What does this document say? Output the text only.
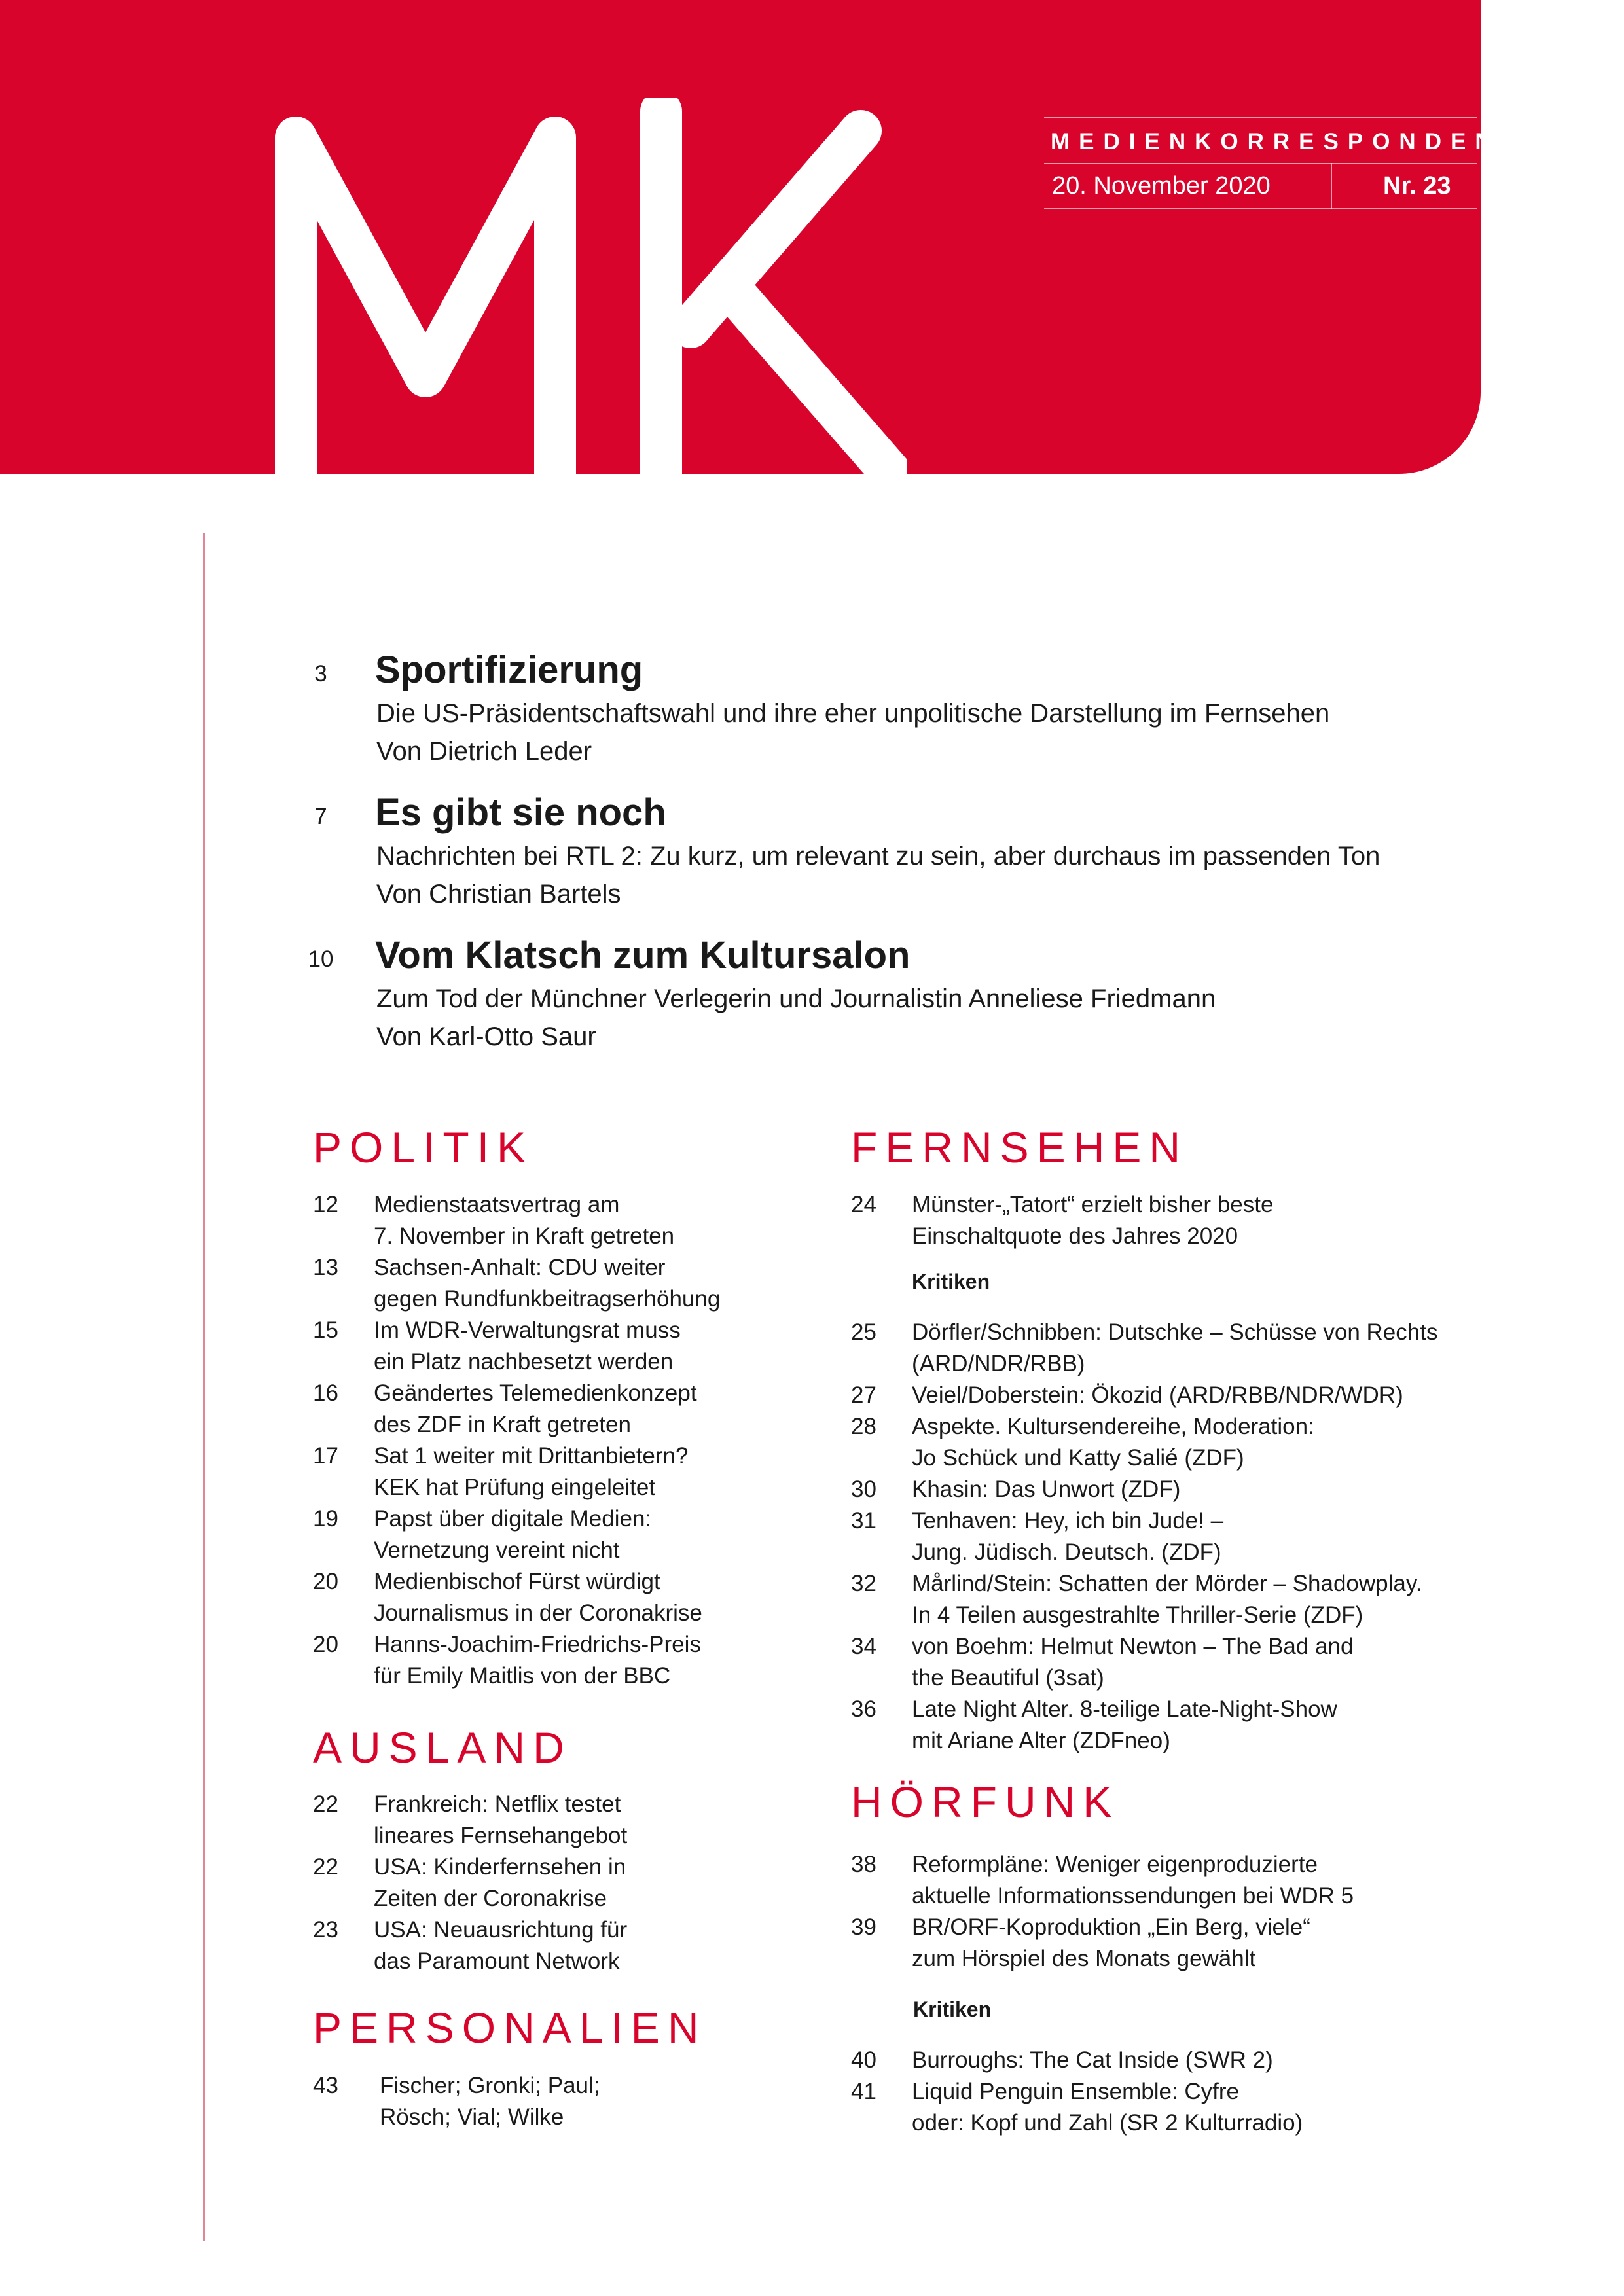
MEDIENKORRESPONDENZ
20. November 2020	Nr. 23
3 Sportifizierung
Die US-Präsidentschaftswahl und ihre eher unpolitische Darstellung im Fernsehen
Von Dietrich Leder
7 Es gibt sie noch
Nachrichten bei RTL 2: Zu kurz, um relevant zu sein, aber durchaus im passenden Ton
Von Christian Bartels
10 Vom Klatsch zum Kultursalon
Zum Tod der Münchner Verlegerin und Journalistin Anneliese Friedmann
Von Karl-Otto Saur
POLITIK
12 Medienstaatsvertrag am
7. November in Kraft getreten
13 Sachsen-Anhalt: CDU weiter
gegen Rundfunkbeitragserhöhung
15 Im WDR-Verwaltungsrat muss
ein Platz nachbesetzt werden
16 Geändertes Telemedienkonzept
des ZDF in Kraft getreten
17 Sat 1 weiter mit Drittanbietern?
KEK hat Prüfung eingeleitet
19 Papst über digitale Medien:
Vernetzung vereint nicht
20 Medienbischof Fürst würdigt
Journalismus in der Coronakrise
20 Hanns-Joachim-Friedrichs-Preis
für Emily Maitlis von der BBC
AUSLAND
22 Frankreich: Netflix testet
lineares Fernsehangebot
22 USA: Kinderfernsehen in
Zeiten der Coronakrise
23 USA: Neuausrichtung für
das Paramount Network
PERSONALIEN
43 Fischer; Gronki; Paul;
Rösch; Vial; Wilke
FERNSEHEN
24 Münster-„Tatort“ erzielt bisher beste
Einschaltquote des Jahres 2020
Kritiken
25 Dörfler/Schnibben: Dutschke – Schüsse von Rechts
(ARD/NDR/RBB)
27 Veiel/Doberstein: Ökozid (ARD/RBB/NDR/WDR)
28 Aspekte. Kultursendereihe, Moderation:
Jo Schück und Katty Salié (ZDF)
30 Khasin: Das Unwort (ZDF)
31 Tenhaven: Hey, ich bin Jude! –
Jung. Jüdisch. Deutsch. (ZDF)
32 Mårlind/Stein: Schatten der Mörder – Shadowplay.
In 4 Teilen ausgestrahlte Thriller-Serie (ZDF)
34 von Boehm: Helmut Newton – The Bad and
the Beautiful (3sat)
36 Late Night Alter. 8-teilige Late-Night-Show
mit Ariane Alter (ZDFneo)
HÖRFUNK
38 Reformpläne: Weniger eigenproduzierte
aktuelle Informationssendungen bei WDR 5
39 BR/ORF-Koproduktion „Ein Berg, viele“
zum Hörspiel des Monats gewählt
Kritiken
40 Burroughs: The Cat Inside (SWR 2)
41 Liquid Penguin Ensemble: Cyfre
oder: Kopf und Zahl (SR 2 Kulturradio)
